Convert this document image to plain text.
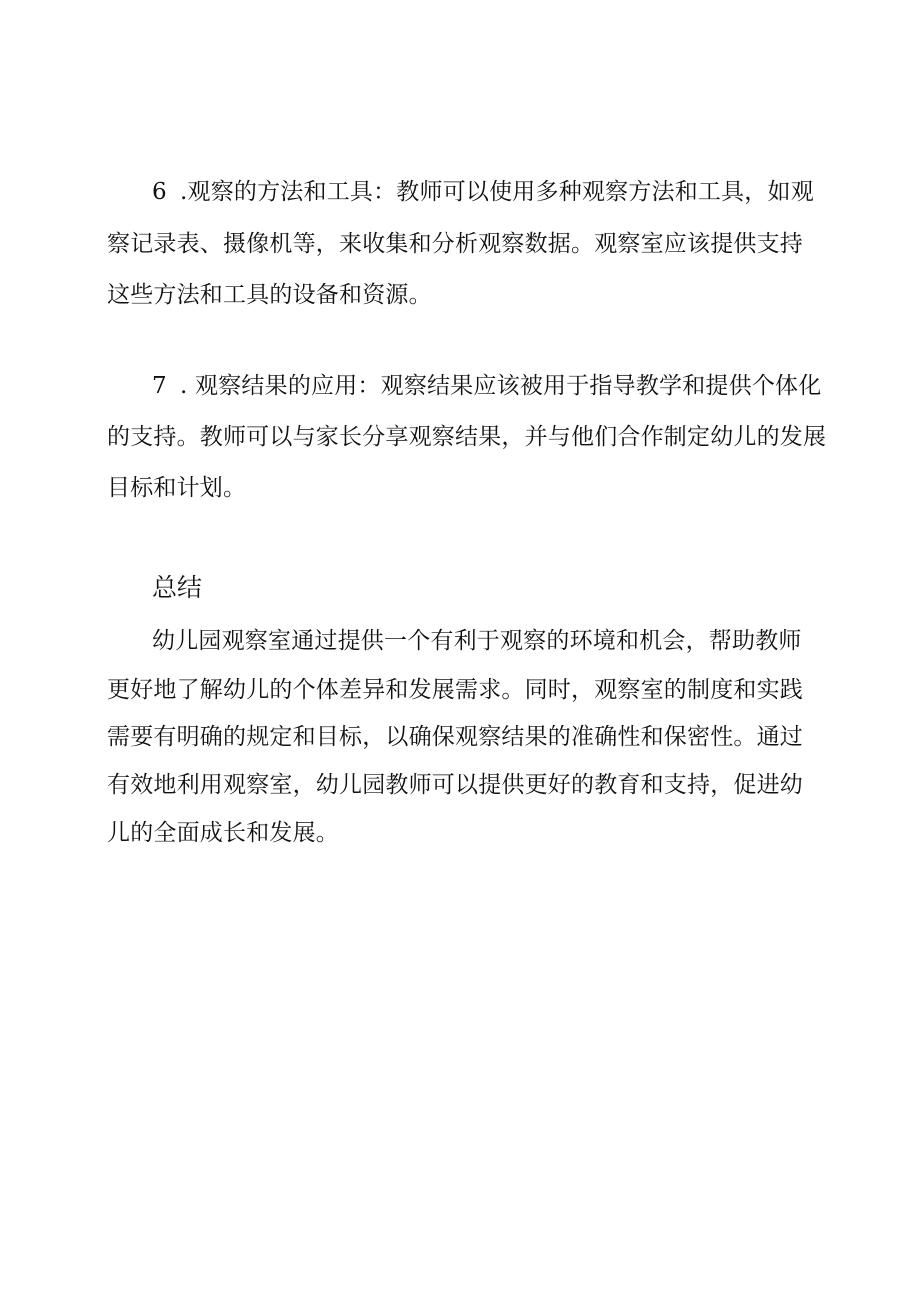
6 .观察的方法和工具：教师可以使用多种观察方法和工具，如观
察记录表、摄像机等，来收集和分析观察数据。观察室应该提供支持
这些方法和工具的设备和资源。
7 . 观察结果的应用：观察结果应该被用于指导教学和提供个体化
的支持。教师可以与家长分享观察结果，并与他们合作制定幼儿的发展
目标和计划。
总结
幼儿园观察室通过提供一个有利于观察的环境和机会，帮助教师
更好地了解幼儿的个体差异和发展需求。同时，观察室的制度和实践
需要有明确的规定和目标，以确保观察结果的准确性和保密性。通过
有效地利用观察室，幼儿园教师可以提供更好的教育和支持，促进幼
儿的全面成长和发展。
